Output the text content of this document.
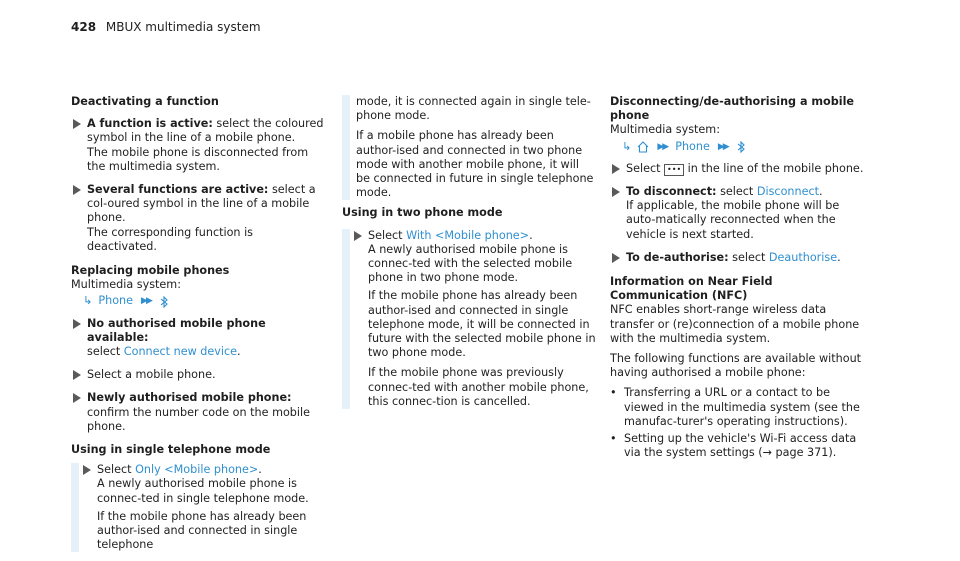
428 MBUX multimedia system

Deactivating a function

A function is active: select the coloured symbol in the line of a mobile phone.
The mobile phone is disconnected from the multimedia system.
Several functions are active: select a col-oured symbol in the line of a mobile phone.
The corresponding function is deactivated.

Replacing mobile phones

Multimedia system:
↳ Phone ▶▶
No authorised mobile phone available:
select Connect new device.
Select a mobile phone.
Newly authorised mobile phone: confirm the number code on the mobile phone.

Using in single telephone mode

Select Only <Mobile phone>.
A newly authorised mobile phone is connec-ted in single telephone mode.

If the mobile phone has already been author-ised and connected in single telephone

mode, it is connected again in single tele-phone mode.

If a mobile phone has already been author-ised and connected in two phone mode with another mobile phone, it will be connected in future in single telephone mode.

Using in two phone mode

Select With <Mobile phone>.
A newly authorised mobile phone is connec-ted with the selected mobile phone in two phone mode.

If the mobile phone has already been author-ised and connected in single telephone mode, it will be connected in future with the selected mobile phone in two phone mode.

If the mobile phone was previously connec-ted with another mobile phone, this connec-tion is cancelled.

Disconnecting/de-authorising a mobile phone

Multimedia system:
↳	▶▶ Phone ▶▶
Select ••• in the line of the mobile phone.
To disconnect: select Disconnect.
If applicable, the mobile phone will be auto-matically reconnected when the vehicle is next started.
To de-authorise: select Deauthorise.

Information on Near Field Communication (NFC)

NFC enables short-range wireless data transfer or (re)connection of a mobile phone with the multimedia system.

The following functions are available without having authorised a mobile phone:

• Transferring a URL or a contact to be viewed in the multimedia system (see the manufac-turer's operating instructions).
• Setting up the vehicle's Wi-Fi access data via the system settings (→ page 371).
